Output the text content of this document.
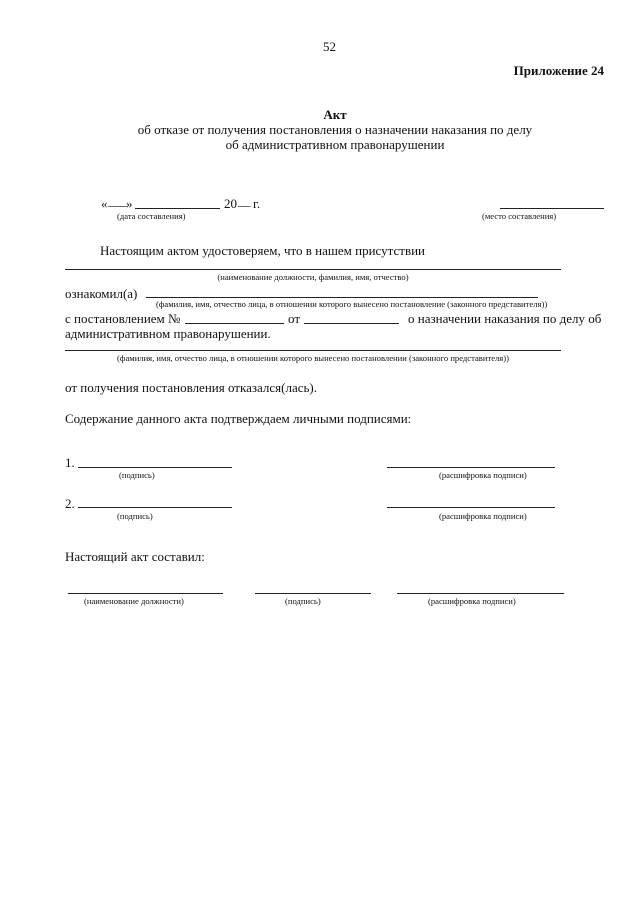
52
Приложение 24
Акт
об отказе от получения постановления о назначении наказания по делу
об административном правонарушении
« ___ »	20 __ г.
(дата составления)	(место составления)
Настоящим актом удостоверяем, что в нашем присутствии
(наименование должности, фамилия, имя, отчество)
ознакомил(а)
(фамилия, имя, отчество лица, в отношении которого вынесено постановление (законного представителя))
с постановлением №	от	о назначении наказания по делу об
административном правонарушении.
(фамилия, имя, отчество лица, в отношении которого вынесено постановлении (законного представителя))
от получения постановления отказался(лась).
Содержание данного акта подтверждаем личными подписями:
1.
(подпись)	(расшифровка подписи)
2.
(подпись)	(расшифровка подписи)
Настоящий акт составил:
(наименование должности)	(подпись)	(расшифровка подписи)
